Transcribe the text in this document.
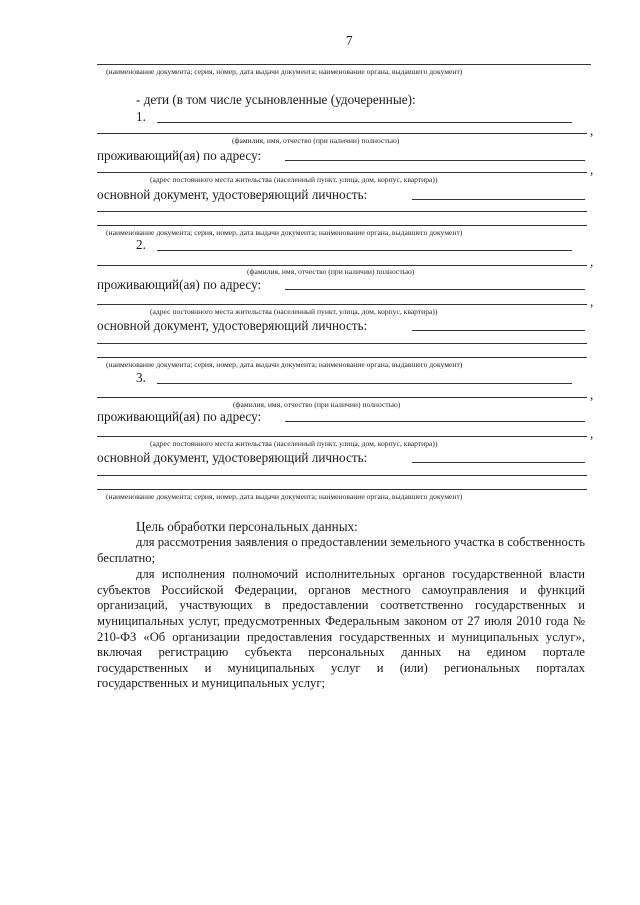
7
(наименование документа; серия, номер, дата выдачи документа; наименование органа, выдавшего документ)
- дети (в том числе усыновленные (удочеренные):
1.
,
(фамилия, имя, отчество (при наличии) полностью)
проживающий(ая) по адресу:
,
(адрес постоянного места жительства (населенный пункт, улица, дом, корпус, квартира))
основной документ, удостоверяющий личность:
(наименование документа; серия, номер, дата выдачи документа; наименование органа, выдавшего документ)
2.
,
(фамилия, имя, отчество (при наличии) полностью)
проживающий(ая) по адресу:
,
(адрес постоянного места жительства (населенный пункт, улица, дом, корпус, квартира))
основной документ, удостоверяющий личность:
(наименование документа; серия, номер, дата выдачи документа; наименование органа, выдавшего документ)
3.
,
(фамилия, имя, отчество (при наличии) полностью)
проживающий(ая) по адресу:
,
(адрес постоянного места жительства (населенный пункт, улица, дом, корпус, квартира))
основной документ, удостоверяющий личность:
(наименование документа; серия, номер, дата выдачи документа; наименование органа, выдавшего документ)
Цель обработки персональных данных:

для рассмотрения заявления о предоставлении земельного участка в собственность бесплатно;

для исполнения полномочий исполнительных органов государственной власти субъектов Российской Федерации, органов местного самоуправления и функций организаций, участвующих в предоставлении соответственно государственных и муниципальных услуг, предусмотренных Федеральным законом от 27 июля 2010 года № 210-ФЗ «Об организации предоставления государственных и муниципальных услуг», включая регистрацию субъекта персональных данных на едином портале государственных и муниципальных услуг и (или) региональных порталах государственных и муниципальных услуг;
